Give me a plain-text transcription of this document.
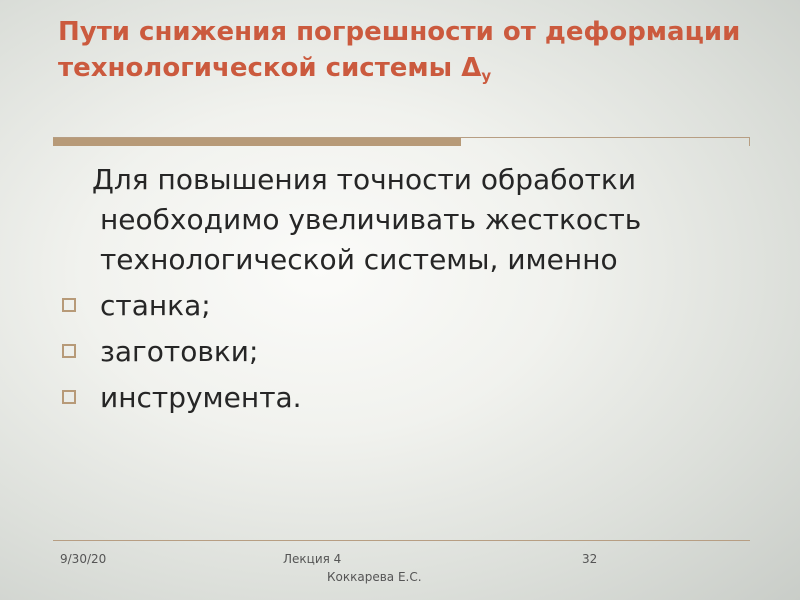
Пути снижения погрешности от деформации технологической системы $\Delta_у$
Для повышения точности обработки необходимо увеличивать жесткость технологической системы, именно
станка;
заготовки;
инструмента.
9/30/20	Лекция 4
Коккарева Е.С.
32
